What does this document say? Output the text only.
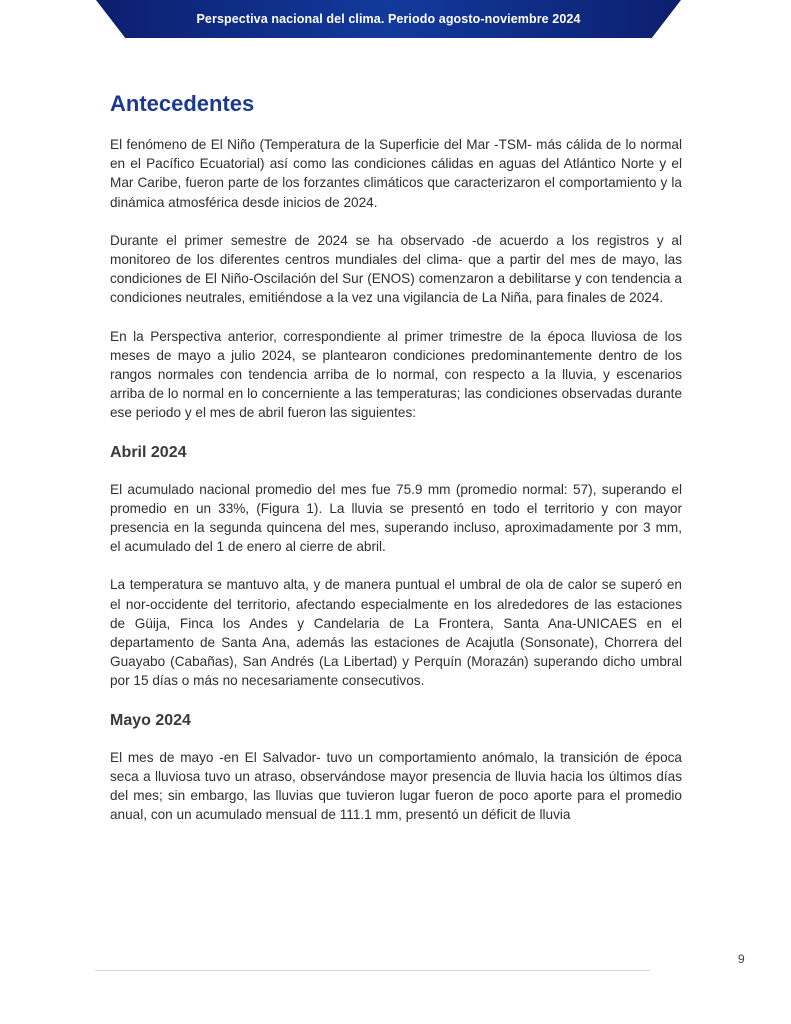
Perspectiva nacional del clima. Periodo agosto-noviembre 2024
Antecedentes

El fenómeno de El Niño (Temperatura de la Superficie del Mar -TSM- más cálida de lo normal en el Pacífico Ecuatorial) así como las condiciones cálidas en aguas del Atlántico Norte y el Mar Caribe, fueron parte de los forzantes climáticos que caracterizaron el comportamiento y la dinámica atmosférica desde inicios de 2024.

Durante el primer semestre de 2024 se ha observado -de acuerdo a los registros y al monitoreo de los diferentes centros mundiales del clima- que a partir del mes de mayo, las condiciones de El Niño-Oscilación del Sur (ENOS) comenzaron a debilitarse y con tendencia a condiciones neutrales, emitiéndose a la vez una vigilancia de La Niña, para finales de 2024.

En la Perspectiva anterior, correspondiente al primer trimestre de la época lluviosa de los meses de mayo a julio 2024, se plantearon condiciones predominantemente dentro de los rangos normales con tendencia arriba de lo normal, con respecto a la lluvia, y escenarios arriba de lo normal en lo concerniente a las temperaturas; las condiciones observadas durante ese periodo y el mes de abril fueron las siguientes:

Abril 2024

El acumulado nacional promedio del mes fue 75.9 mm (promedio normal: 57), superando el promedio en un 33%, (Figura 1). La lluvia se presentó en todo el territorio y con mayor presencia en la segunda quincena del mes, superando incluso, aproximadamente por 3 mm, el acumulado del 1 de enero al cierre de abril.

La temperatura se mantuvo alta, y de manera puntual el umbral de ola de calor se superó en el nor-occidente del territorio, afectando especialmente en los alrededores de las estaciones de Güija, Finca los Andes y Candelaria de La Frontera, Santa Ana-UNICAES en el departamento de Santa Ana, además las estaciones de Acajutla (Sonsonate), Chorrera del Guayabo (Cabañas), San Andrés (La Libertad) y Perquín (Morazán) superando dicho umbral por 15 días o más no necesariamente consecutivos.

Mayo 2024

El mes de mayo -en El Salvador- tuvo un comportamiento anómalo, la transición de época seca a lluviosa tuvo un atraso, observándose mayor presencia de lluvia hacia los últimos días del mes; sin embargo, las lluvias que tuvieron lugar fueron de poco aporte para el promedio anual, con un acumulado mensual de 111.1 mm, presentó un déficit de lluvia

9
